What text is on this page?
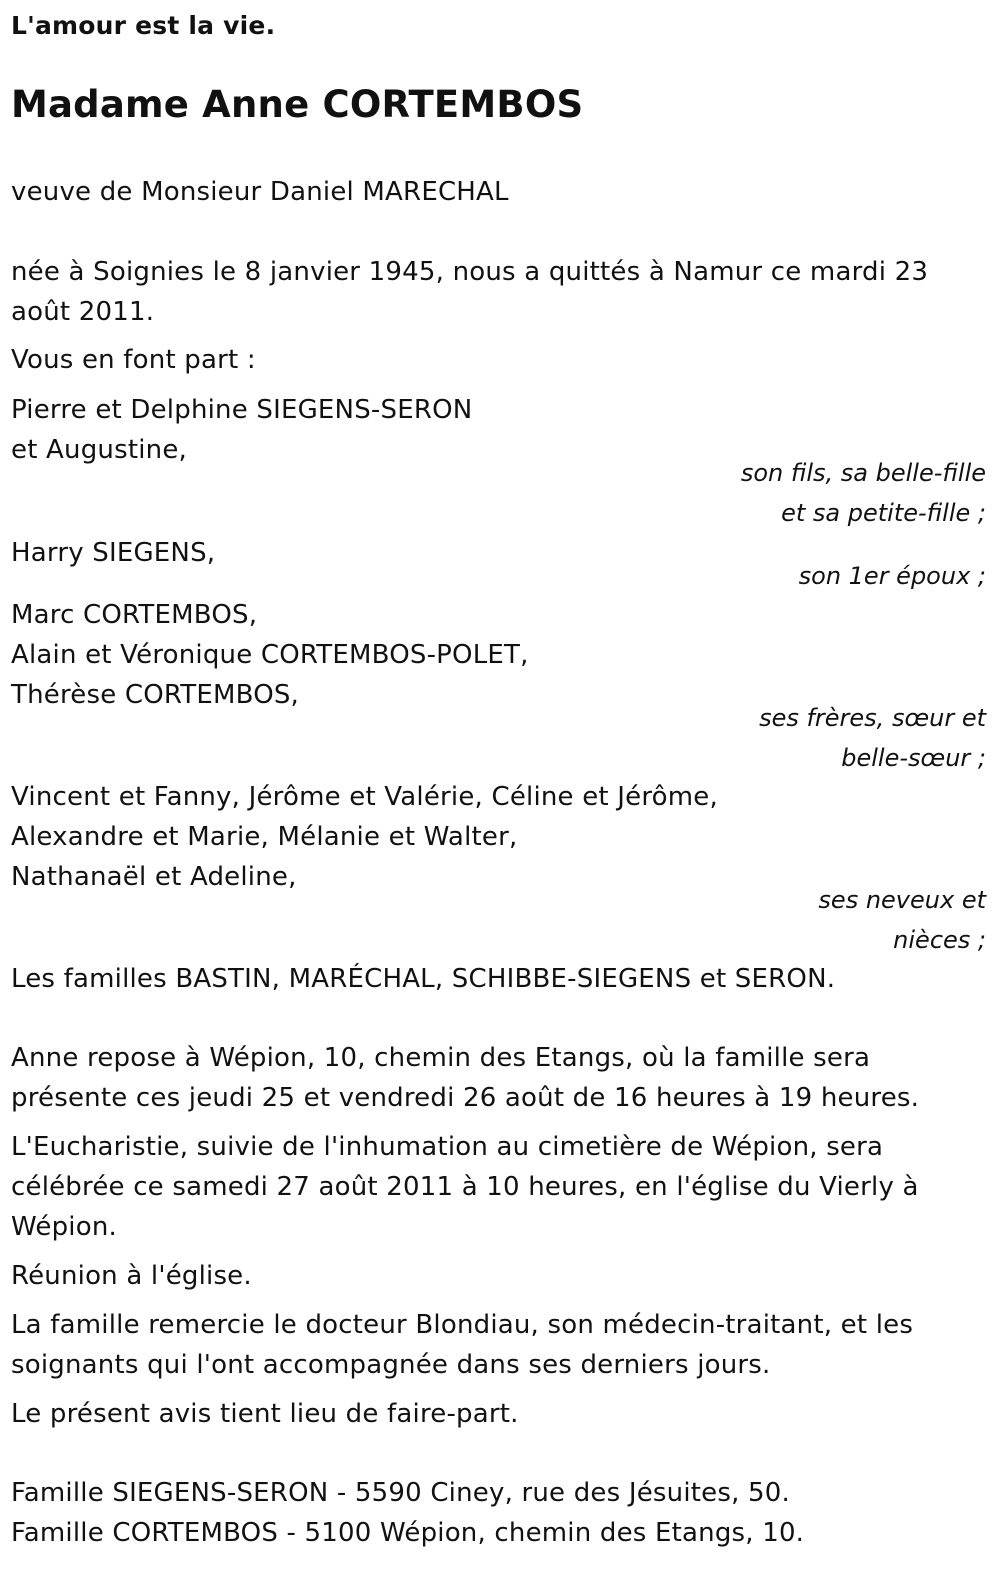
L'amour est la vie.
Madame Anne CORTEMBOS
veuve de Monsieur Daniel MARECHAL
née à Soignies le 8 janvier 1945, nous a quittés à Namur ce mardi 23
août 2011.
Vous en font part :
Pierre et Delphine SIEGENS-SERON
et Augustine,
son fils, sa belle-fille
et sa petite-fille ;
Harry SIEGENS,
son 1er époux ;
Marc CORTEMBOS,
Alain et Véronique CORTEMBOS-POLET,
Thérèse CORTEMBOS,
ses frères, sœur et
belle-sœur ;
Vincent et Fanny, Jérôme et Valérie, Céline et Jérôme,
Alexandre et Marie, Mélanie et Walter,
Nathanaël et Adeline,
ses neveux et
nièces ;
Les familles BASTIN, MARÉCHAL, SCHIBBE-SIEGENS et SERON.
Anne repose à Wépion, 10, chemin des Etangs, où la famille sera
présente ces jeudi 25 et vendredi 26 août de 16 heures à 19 heures.
L'Eucharistie, suivie de l'inhumation au cimetière de Wépion, sera
célébrée ce samedi 27 août 2011 à 10 heures, en l'église du Vierly à
Wépion.
Réunion à l'église.
La famille remercie le docteur Blondiau, son médecin-traitant, et les
soignants qui l'ont accompagnée dans ses derniers jours.
Le présent avis tient lieu de faire-part.
Famille SIEGENS-SERON - 5590 Ciney, rue des Jésuites, 50.
Famille CORTEMBOS - 5100 Wépion, chemin des Etangs, 10.
